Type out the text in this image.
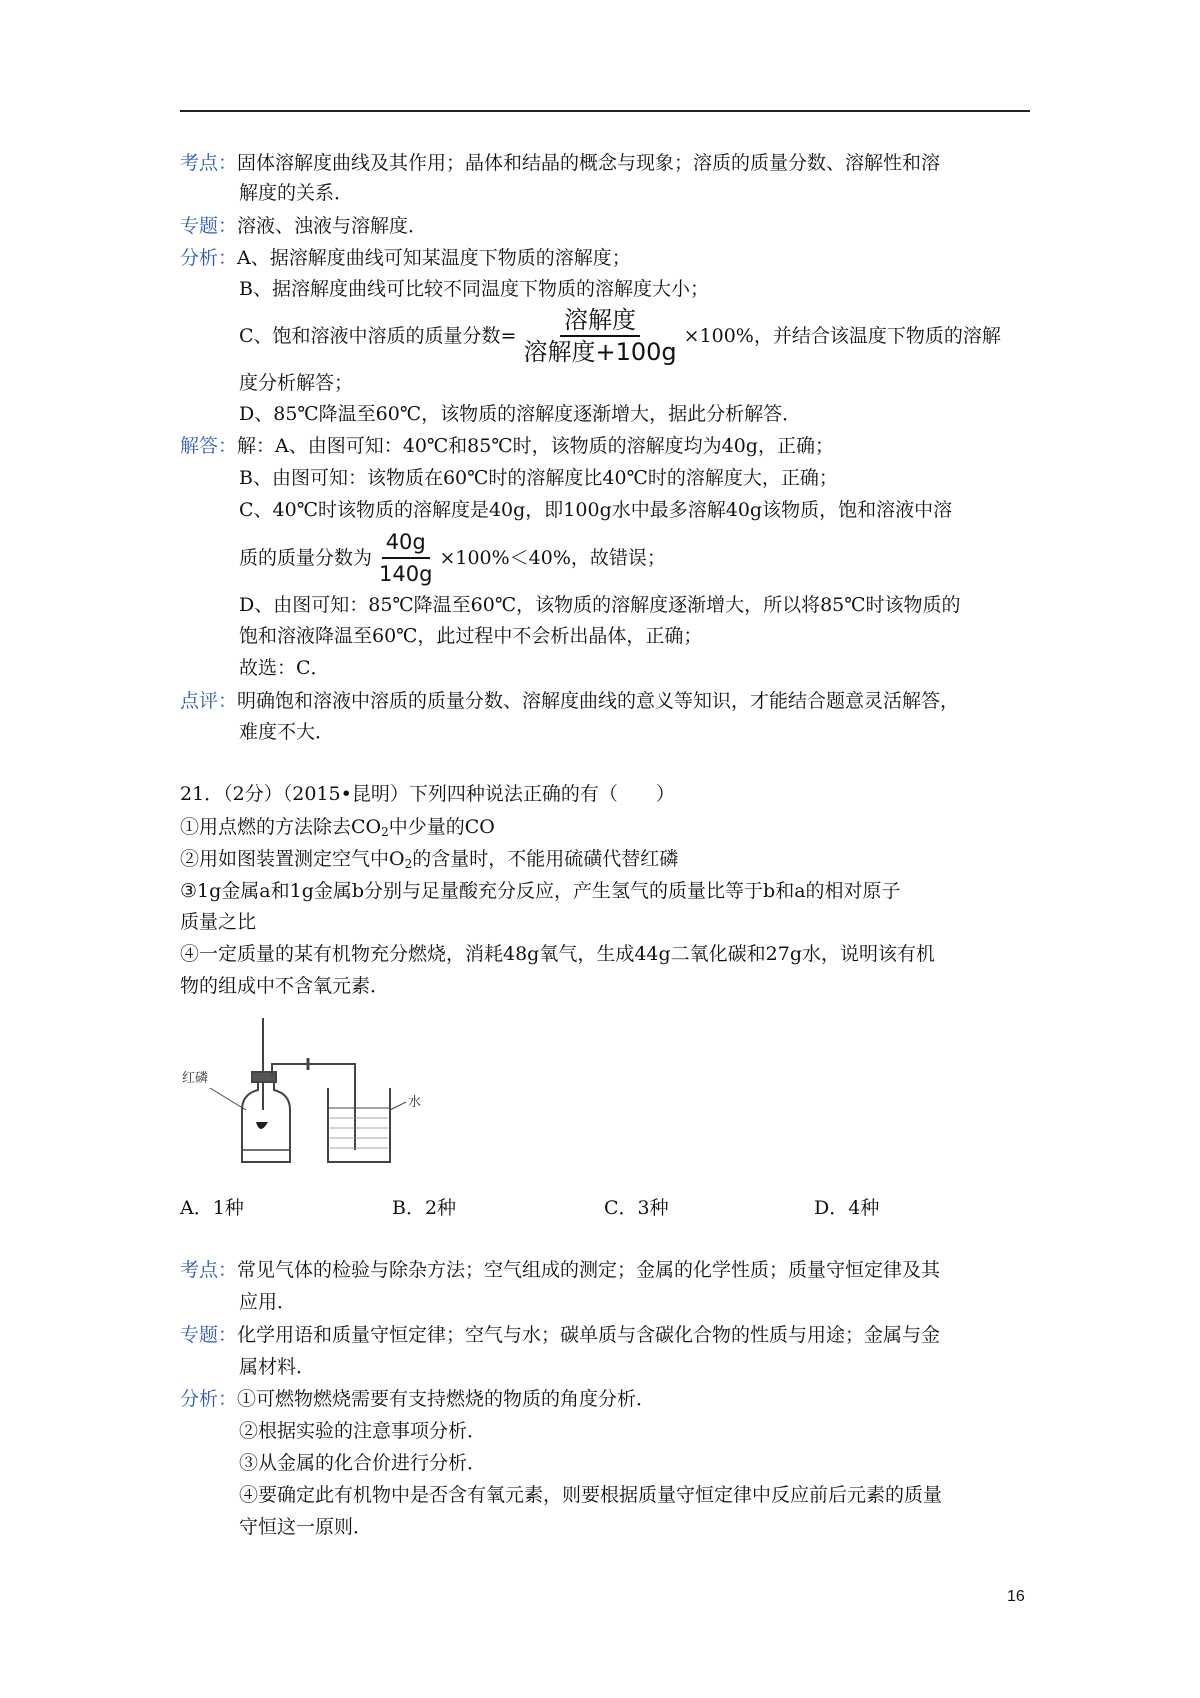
考点：固体溶解度曲线及其作用；晶体和结晶的概念与现象；溶质的质量分数、溶解性和溶
解度的关系．
专题：溶液、浊液与溶解度．
分析：A、据溶解度曲线可知某温度下物质的溶解度；
B、据溶解度曲线可比较不同温度下物质的溶解度大小；
C、饱和溶液中溶质的质量分数= $\frac{\text{溶解度}}{\text{溶解度+100g}} \times 100\%$，并结合该温度下物质的溶解
度分析解答；
D、85℃降温至60℃，该物质的溶解度逐渐增大，据此分析解答．
解答：解：A、由图可知：40℃和85℃时，该物质的溶解度均为40g，正确；
B、由图可知：该物质在60℃时的溶解度比40℃时的溶解度大，正确；
C、40℃时该物质的溶解度是40g，即100g水中最多溶解40g该物质，饱和溶液中溶
质的质量分数为 $\frac{40g}{140g} \times 100\%<40\%$，故错误；
D、由图可知：85℃降温至60℃，该物质的溶解度逐渐增大，所以将85℃时该物质的
饱和溶液降温至60℃，此过程中不会析出晶体，正确；
故选：C．
点评：明确饱和溶液中溶质的质量分数、溶解度曲线的意义等知识，才能结合题意灵活解答，
难度不大．
21．（2分）（2015•昆明）下列四种说法正确的有（　　）
①用点燃的方法除去$CO_2$中少量的CO
②用如图装置测定空气中$O_2$的含量时，不能用硫磺代替红磷
③1g金属a和1g金属b分别与足量酸充分反应，产生氢气的质量比等于b和a的相对原子
质量之比
④一定质量的某有机物充分燃烧，消耗48g氧气，生成44g二氧化碳和27g水，说明该有机
物的组成中不含氧元素．
红磷
水
A．1种	B．2种	C．3种	D．4种
考点：常见气体的检验与除杂方法；空气组成的测定；金属的化学性质；质量守恒定律及其
应用．
专题：化学用语和质量守恒定律；空气与水；碳单质与含碳化合物的性质与用途；金属与金
属材料．
分析：①可燃物燃烧需要有支持燃烧的物质的角度分析．
②根据实验的注意事项分析．
③从金属的化合价进行分析．
④要确定此有机物中是否含有氧元素，则要根据质量守恒定律中反应前后元素的质量
守恒这一原则．
16
